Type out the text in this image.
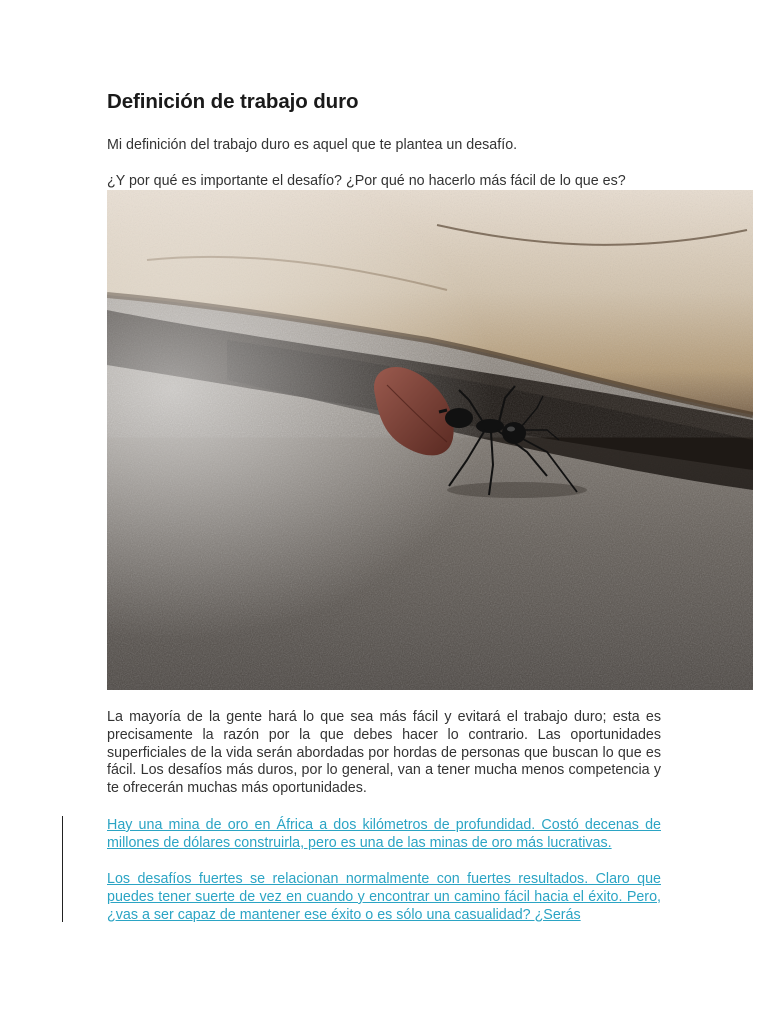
Definición de trabajo duro

Mi definición del trabajo duro es aquel que te plantea un desafío.

¿Y por qué es importante el desafío? ¿Por qué no hacerlo más fácil de lo que es?

La mayoría de la gente hará lo que sea más fácil y evitará el trabajo duro; esta es precisamente la razón por la que debes hacer lo contrario. Las oportunidades superficiales de la vida serán abordadas por hordas de personas que buscan lo que es fácil. Los desafíos más duros, por lo general, van a tener mucha menos competencia y te ofrecerán muchas más oportunidades.

Hay una mina de oro en África a dos kilómetros de profundidad. Costó decenas de millones de dólares construirla, pero es una de las minas de oro más lucrativas.

Los desafíos fuertes se relacionan normalmente con fuertes resultados. Claro que puedes tener suerte de vez en cuando y encontrar un camino fácil hacia el éxito. Pero, ¿vas a ser capaz de mantener ese éxito o es sólo una casualidad? ¿Serás
